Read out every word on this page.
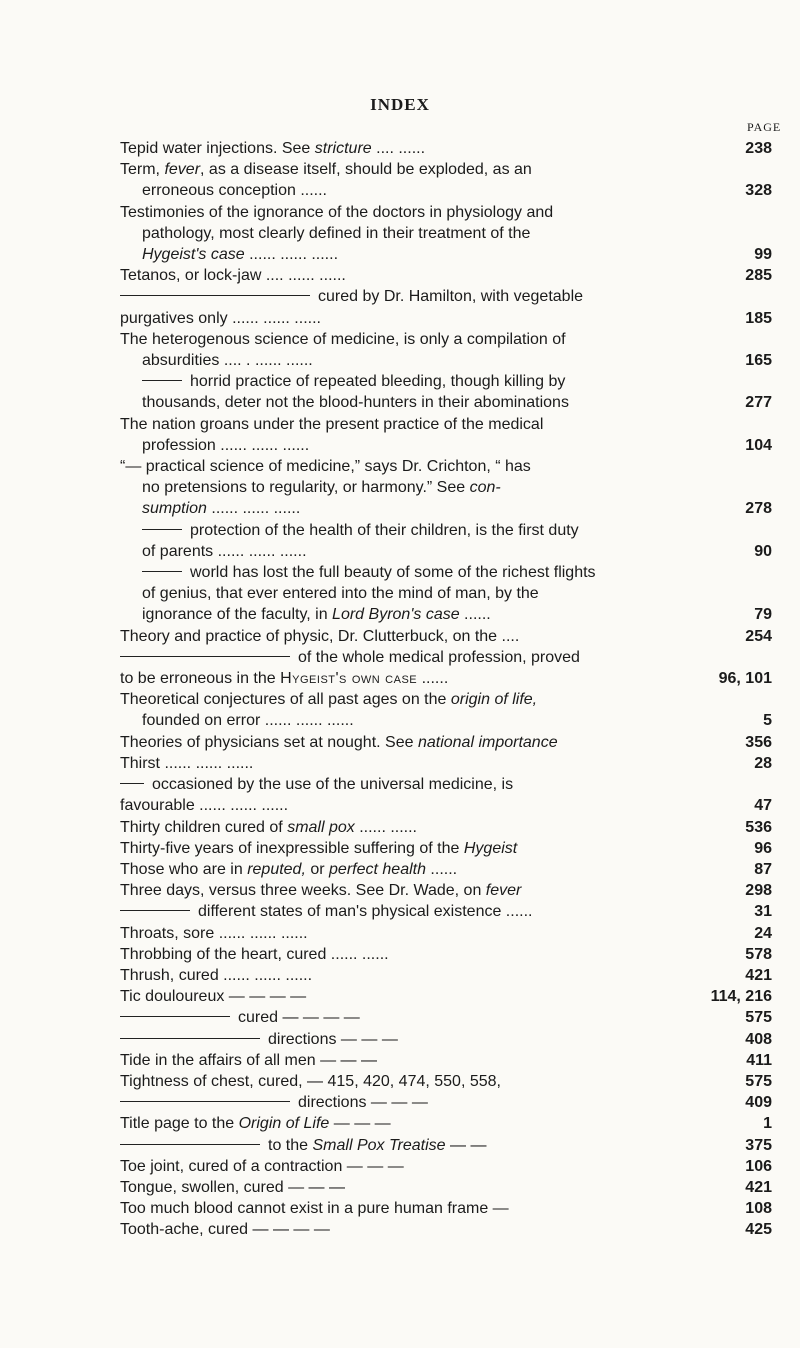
INDEX
PAGE
Tepid water injections. See stricture .... ......	238
Term, fever, as a disease itself, should be exploded, as an
erroneous conception ......	328
Testimonies of the ignorance of the doctors in physiology and
pathology, most clearly defined in their treatment of the
Hygeist's case ...... ...... ......	99
Tetanos, or lock-jaw .... ...... ......	285
cured by Dr. Hamilton, with vegetable
purgatives only ...... ...... ......	185
The heterogenous science of medicine, is only a compilation of
absurdities .... . ...... ......	165
horrid practice of repeated bleeding, though killing by
thousands, deter not the blood-hunters in their abominations	277
The nation groans under the present practice of the medical
profession ...... ...... ......	104
“— practical science of medicine,” says Dr. Crichton, “ has
no pretensions to regularity, or harmony.” See con-
sumption ...... ...... ......	278
protection of the health of their children, is the first duty
of parents ...... ...... ......	90
world has lost the full beauty of some of the richest flights
of genius, that ever entered into the mind of man, by the
ignorance of the faculty, in Lord Byron's case ......	79
Theory and practice of physic, Dr. Clutterbuck, on the ....	254
of the whole medical profession, proved
to be erroneous in the Hygeist's own case ......	96, 101
Theoretical conjectures of all past ages on the origin of life,
founded on error ...... ...... ......	5
Theories of physicians set at nought. See national importance	356
Thirst ...... ...... ......	28
occasioned by the use of the universal medicine, is
favourable ...... ...... ......	47
Thirty children cured of small pox ...... ......	536
Thirty-five years of inexpressible suffering of the Hygeist	96
Those who are in reputed, or perfect health ......	87
Three days, versus three weeks. See Dr. Wade, on fever	298
different states of man's physical existence ......	31
Throats, sore ...... ...... ......	24
Throbbing of the heart, cured ...... ......	578
Thrush, cured ...... ...... ......	421
Tic douloureux — — — —	114, 216
cured — — — —	575
directions — — —	408
Tide in the affairs of all men — — —	411
Tightness of chest, cured, — 415, 420, 474, 550, 558,	575
directions — — —	409
Title page to the Origin of Life — — —	1
to the Small Pox Treatise — —	375
Toe joint, cured of a contraction — — —	106
Tongue, swollen, cured — — —	421
Too much blood cannot exist in a pure human frame —	108
Tooth-ache, cured — — — —	425
